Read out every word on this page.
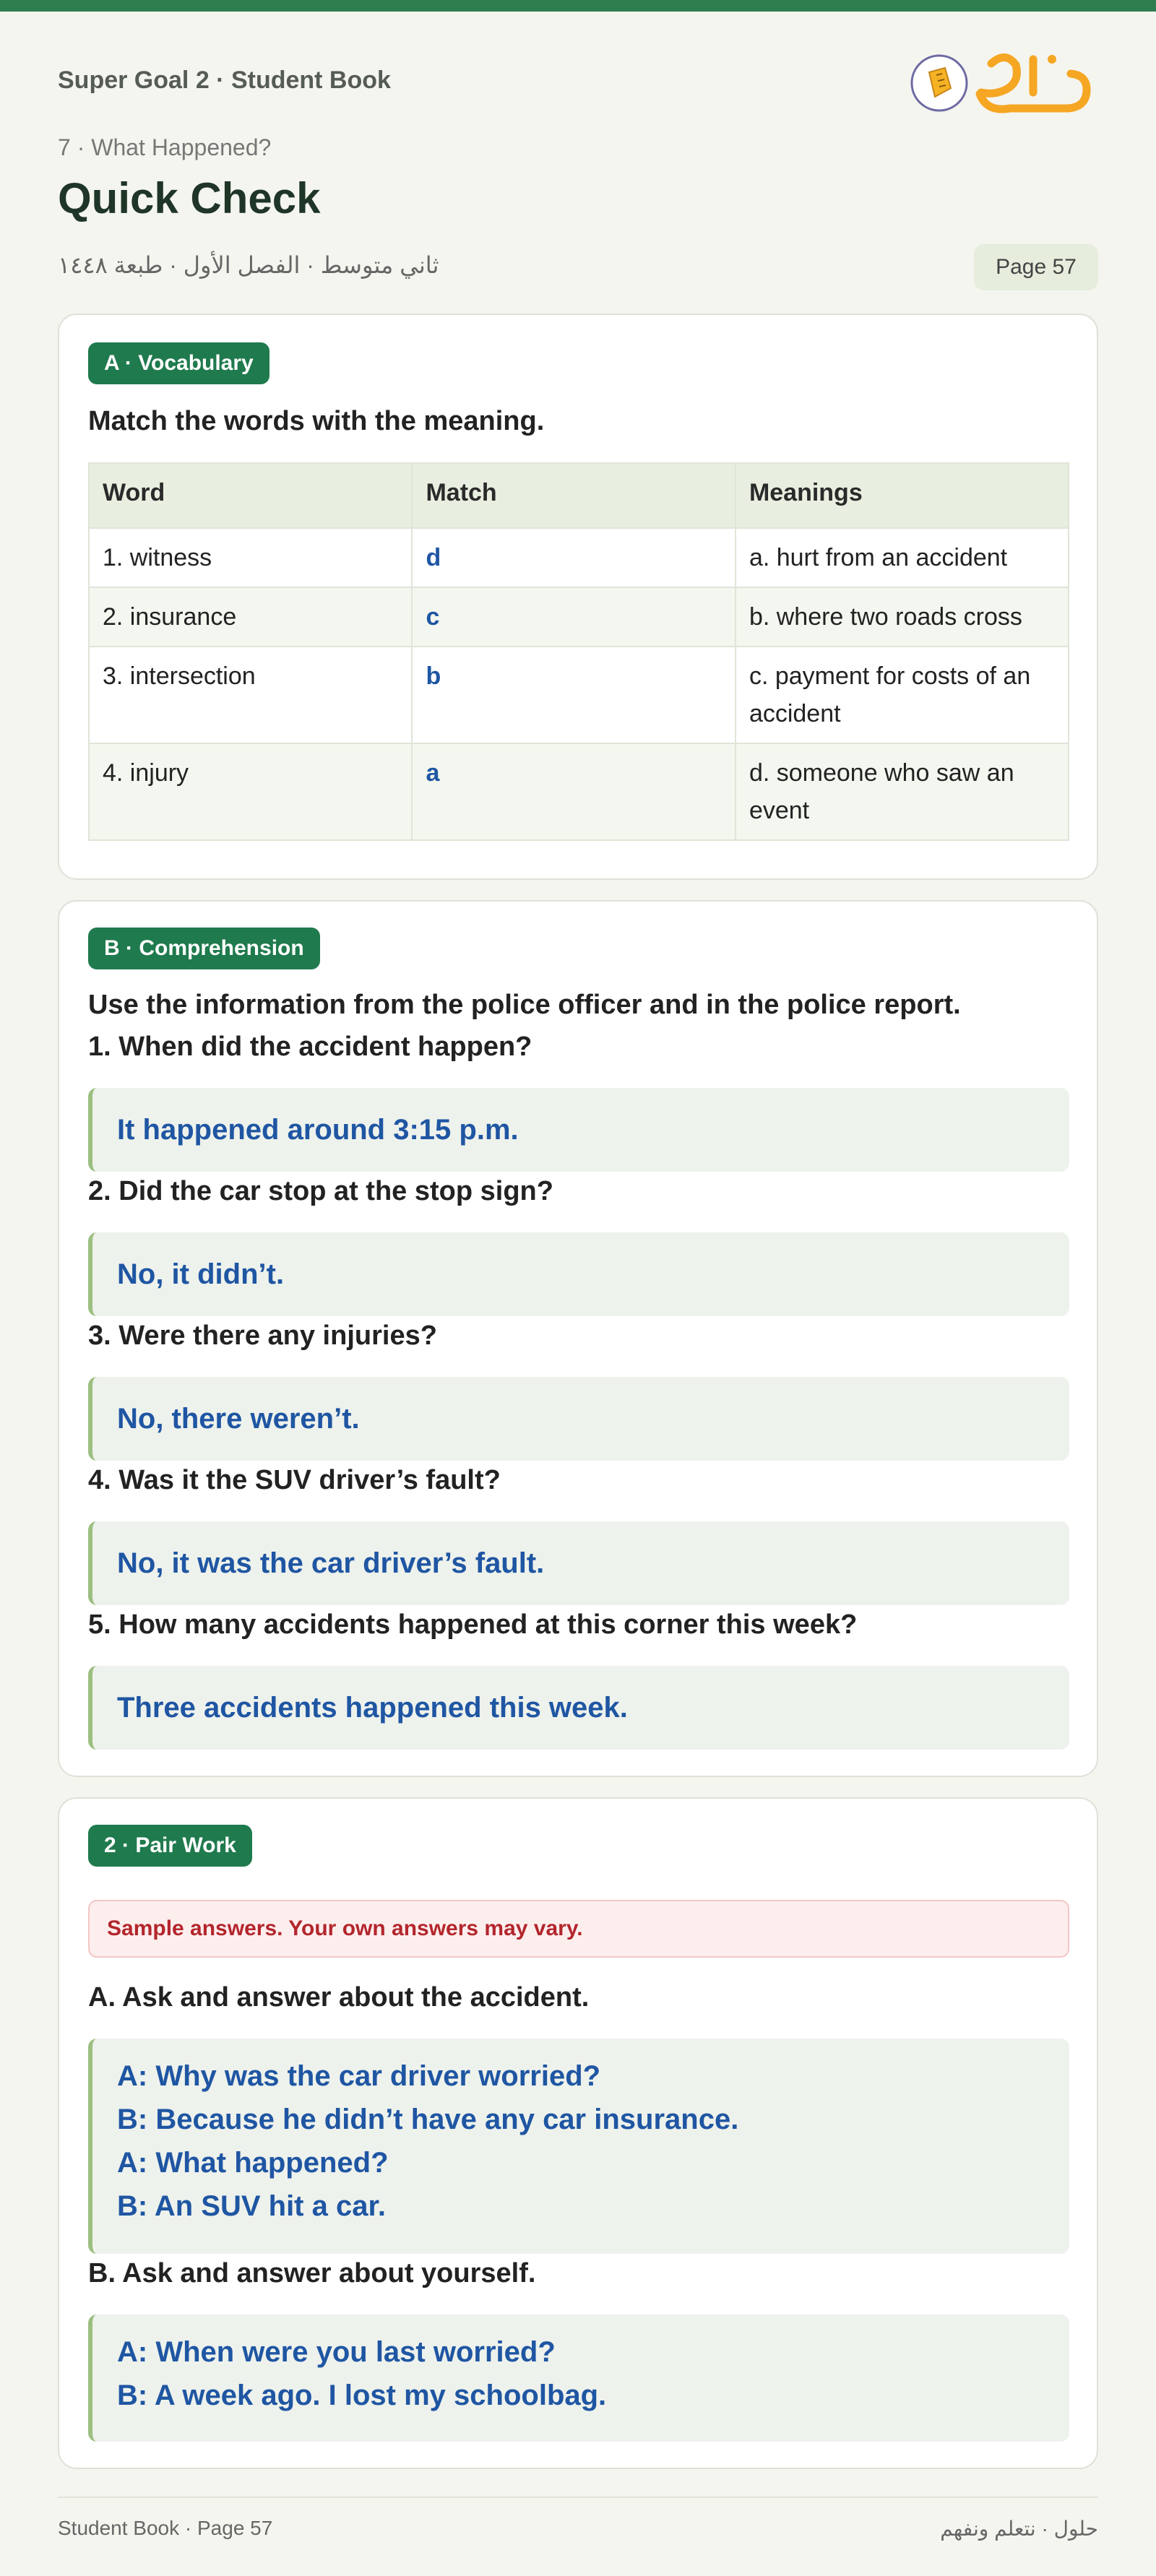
Super Goal 2 · Student Book
7 · What Happened?
Quick Check
ثاني متوسط · الفصل الأول · طبعة ١٤٤٨	Page 57
A · Vocabulary
Match the words with the meaning.
Word	Match	Meanings
1. witness	d	a. hurt from an accident
2. insurance	c	b. where two roads cross
3. intersection	b	c. payment for costs of an accident
4. injury	a	d. someone who saw an event
B · Comprehension
Use the information from the police officer and in the police report.
1. When did the accident happen?
It happened around 3:15 p.m.
2. Did the car stop at the stop sign?
No, it didn’t.
3. Were there any injuries?
No, there weren’t.
4. Was it the SUV driver’s fault?
No, it was the car driver’s fault.
5. How many accidents happened at this corner this week?
Three accidents happened this week.
2 · Pair Work
Sample answers. Your own answers may vary.
A. Ask and answer about the accident.
A: Why was the car driver worried?
B: Because he didn’t have any car insurance.
A: What happened?
B: An SUV hit a car.
B. Ask and answer about yourself.
A: When were you last worried?
B: A week ago. I lost my schoolbag.
Student Book · Page 57	حلول · نتعلم ونفهم
